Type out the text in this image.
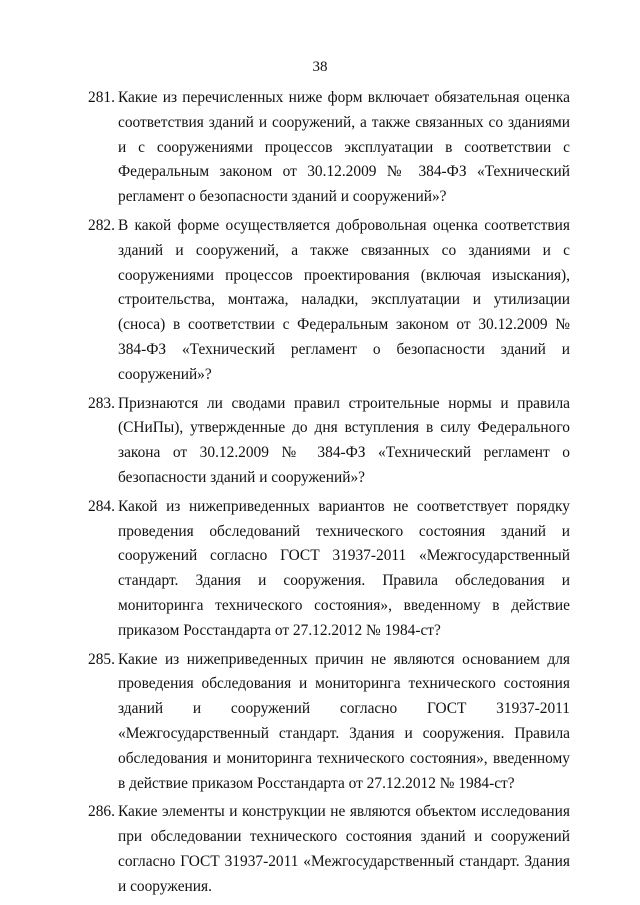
38
281. Какие из перечисленных ниже форм включает обязательная оценка соответствия зданий и сооружений, а также связанных со зданиями и с сооружениями процессов эксплуатации в соответствии с Федеральным законом от 30.12.2009 № 384-ФЗ «Технический регламент о безопасности зданий и сооружений»?
282. В какой форме осуществляется добровольная оценка соответствия зданий и сооружений, а также связанных со зданиями и с сооружениями процессов проектирования (включая изыскания), строительства, монтажа, наладки, эксплуатации и утилизации (сноса) в соответствии с Федеральным законом от 30.12.2009 № 384-ФЗ «Технический регламент о безопасности зданий и сооружений»?
283. Признаются ли сводами правил строительные нормы и правила (СНиПы), утвержденные до дня вступления в силу Федерального закона от 30.12.2009 № 384-ФЗ «Технический регламент о безопасности зданий и сооружений»?
284. Какой из нижеприведенных вариантов не соответствует порядку проведения обследований технического состояния зданий и сооружений согласно ГОСТ 31937-2011 «Межгосударственный стандарт. Здания и сооружения. Правила обследования и мониторинга технического состояния», введенному в действие приказом Росстандарта от 27.12.2012 № 1984-ст?
285. Какие из нижеприведенных причин не являются основанием для проведения обследования и мониторинга технического состояния зданий и сооружений согласно ГОСТ 31937-2011 «Межгосударственный стандарт. Здания и сооружения. Правила обследования и мониторинга технического состояния», введенному в действие приказом Росстандарта от 27.12.2012 № 1984-ст?
286. Какие элементы и конструкции не являются объектом исследования при обследовании технического состояния зданий и сооружений согласно ГОСТ 31937-2011 «Межгосударственный стандарт. Здания и сооружения.
